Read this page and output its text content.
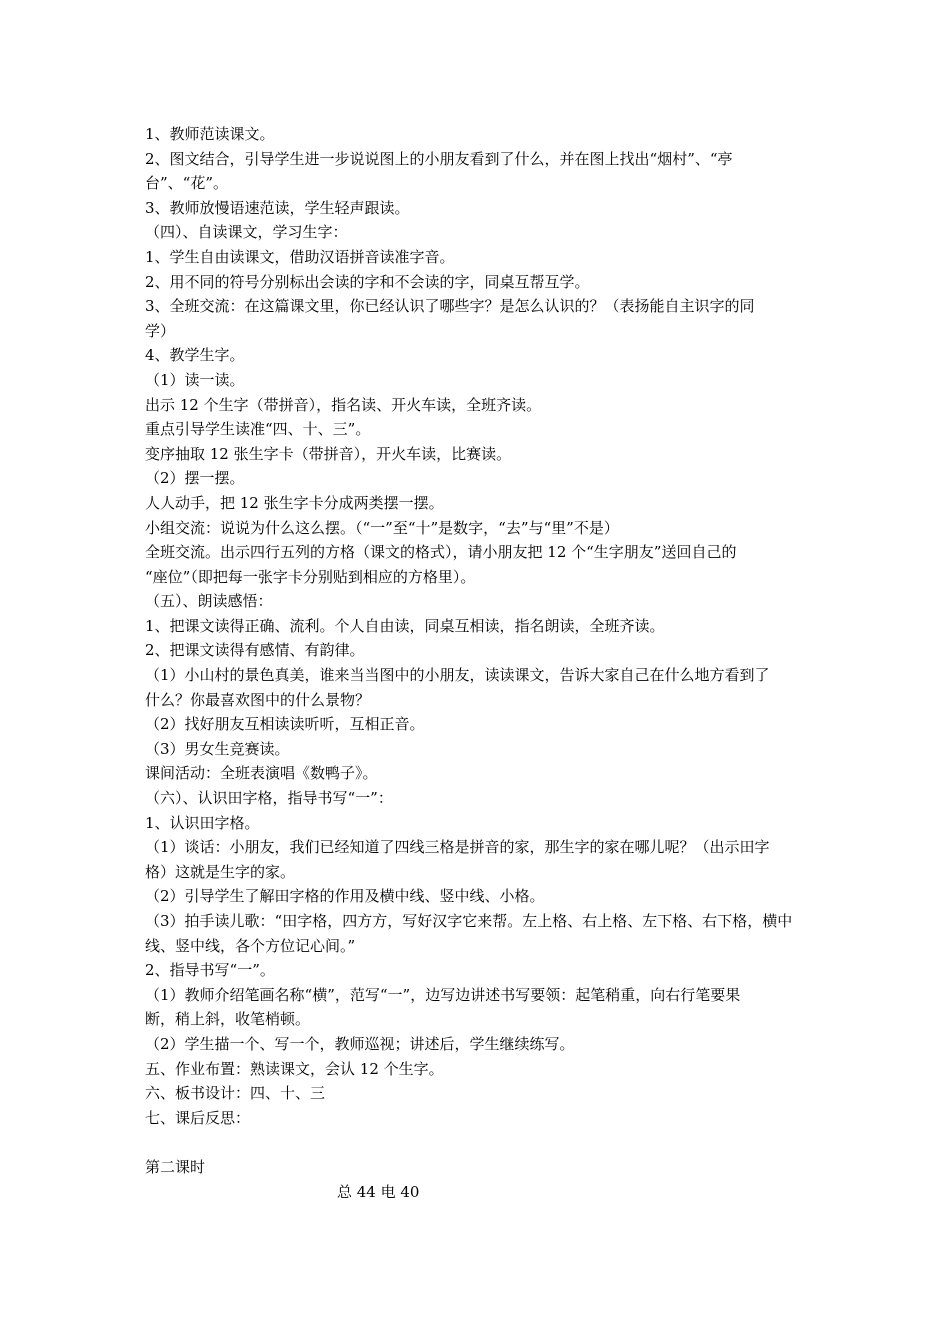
1、教师范读课文。
2、图文结合，引导学生进一步说说图上的小朋友看到了什么，并在图上找出“烟村”、“亭
台”、“花”。
3、教师放慢语速范读，学生轻声跟读。
（四）、自读课文，学习生字：
1、学生自由读课文，借助汉语拼音读准字音。
2、用不同的符号分别标出会读的字和不会读的字，同桌互帮互学。
3、全班交流：在这篇课文里，你已经认识了哪些字？是怎么认识的？（表扬能自主识字的同
学）
4、教学生字。
（1）读一读。
出示 12 个生字（带拼音），指名读、开火车读，全班齐读。
重点引导学生读准“四、十、三”。
变序抽取 12 张生字卡（带拼音），开火车读，比赛读。
（2）摆一摆。
人人动手，把 12 张生字卡分成两类摆一摆。
小组交流：说说为什么这么摆。（“一”至“十”是数字，“去”与“里”不是）
全班交流。出示四行五列的方格（课文的格式），请小朋友把 12 个“生字朋友”送回自己的
“座位”（即把每一张字卡分别贴到相应的方格里）。
（五）、朗读感悟：
1、把课文读得正确、流利。个人自由读，同桌互相读，指名朗读，全班齐读。
2、把课文读得有感情、有韵律。
（1）小山村的景色真美，谁来当当图中的小朋友，读读课文，告诉大家自己在什么地方看到了
什么？你最喜欢图中的什么景物？
（2）找好朋友互相读读听听，互相正音。
（3）男女生竞赛读。
课间活动：全班表演唱《数鸭子》。
（六）、认识田字格，指导书写“一”：
1、认识田字格。
（1）谈话：小朋友，我们已经知道了四线三格是拼音的家，那生字的家在哪儿呢？（出示田字
格）这就是生字的家。
（2）引导学生了解田字格的作用及横中线、竖中线、小格。
（3）拍手读儿歌：“田字格，四方方，写好汉字它来帮。左上格、右上格、左下格、右下格，横中
线、竖中线，各个方位记心间。”
2、指导书写“一”。
（1）教师介绍笔画名称“横”，范写“一”，边写边讲述书写要领：起笔稍重，向右行笔要果
断，稍上斜，收笔梢顿。
（2）学生描一个、写一个，教师巡视；讲述后，学生继续练写。
五、作业布置：熟读课文，会认 12 个生字。
六、板书设计：四、十、三
七、课后反思：
第二课时
总 44 电 40
